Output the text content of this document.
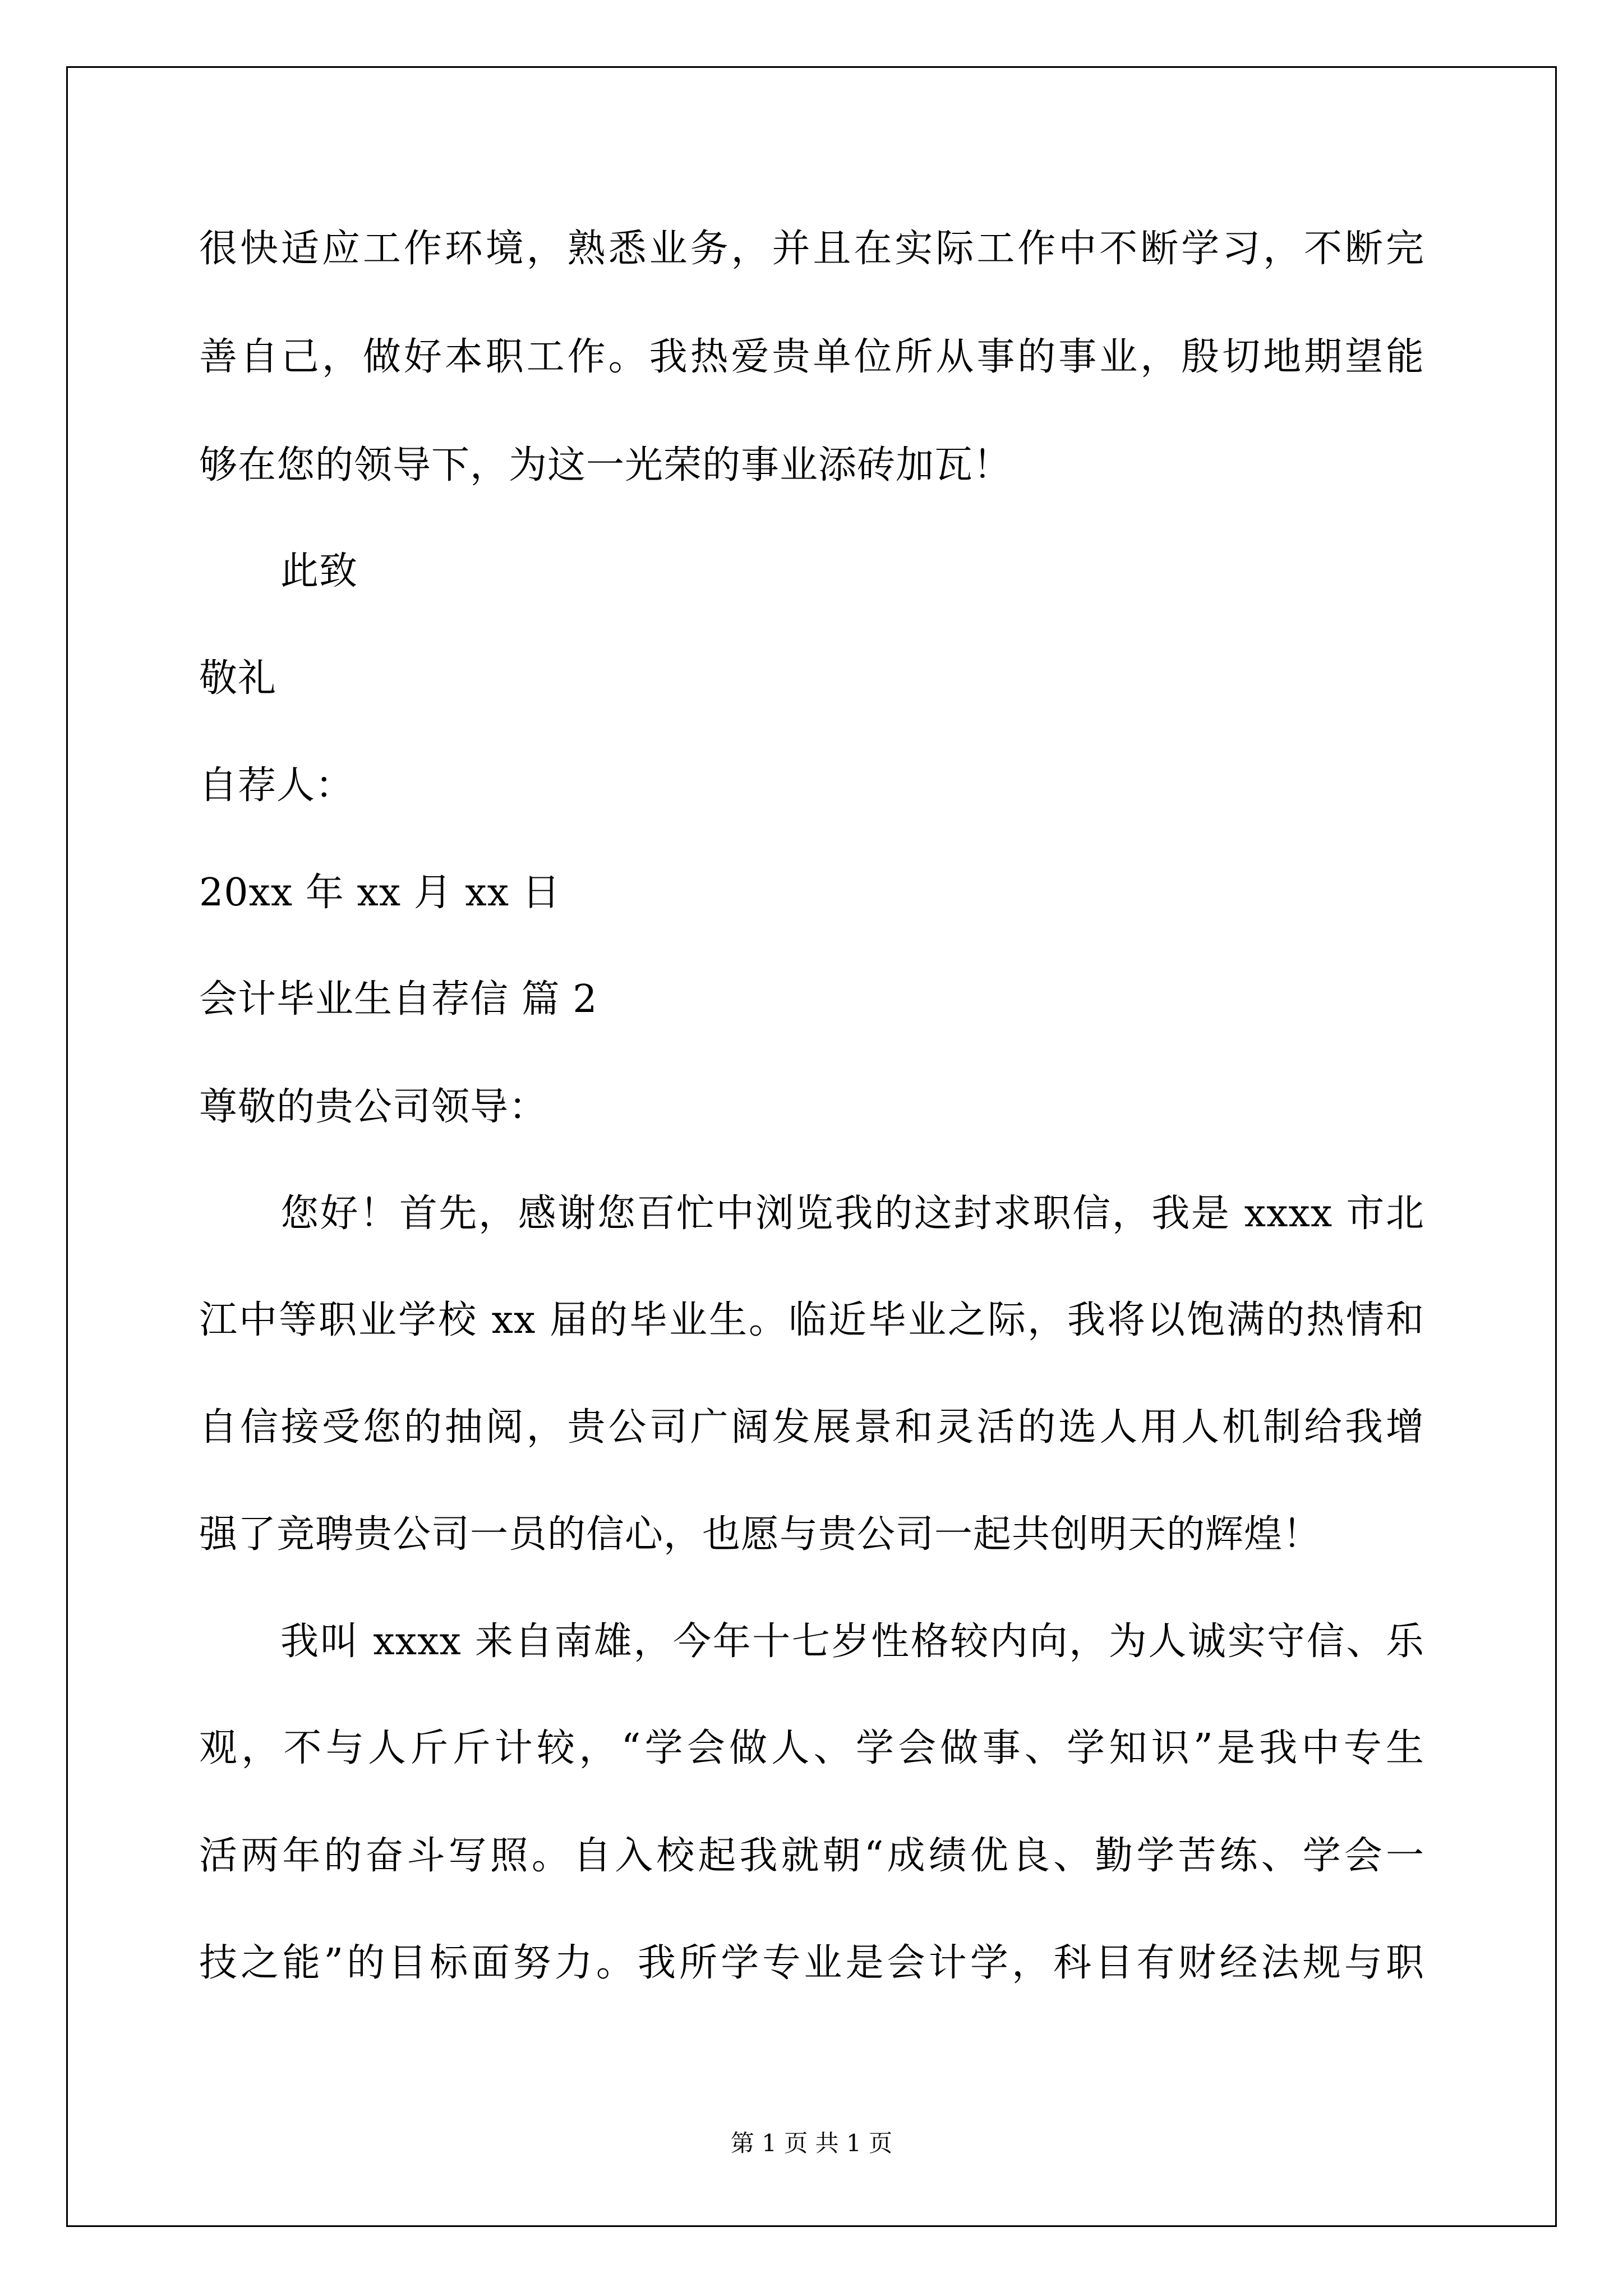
很快适应工作环境，熟悉业务，并且在实际工作中不断学习，不断完
善自己，做好本职工作。我热爱贵单位所从事的事业，殷切地期望能
够在您的领导下，为这一光荣的事业添砖加瓦！
此致
敬礼
自荐人：
20xx 年 xx 月 xx 日
会计毕业生自荐信 篇 2
尊敬的贵公司领导：
您好！首先，感谢您百忙中浏览我的这封求职信，我是 xxxx 市北
江中等职业学校 xx 届的毕业生。临近毕业之际，我将以饱满的热情和
自信接受您的抽阅，贵公司广阔发展景和灵活的选人用人机制给我增
强了竞聘贵公司一员的信心，也愿与贵公司一起共创明天的辉煌！
我叫 xxxx 来自南雄，今年十七岁性格较内向，为人诚实守信、乐
观，不与人斤斤计较，“学会做人、学会做事、学知识”是我中专生
活两年的奋斗写照。自入校起我就朝“成绩优良、勤学苦练、学会一
技之能”的目标面努力。我所学专业是会计学，科目有财经法规与职
第 1 页 共 1 页
